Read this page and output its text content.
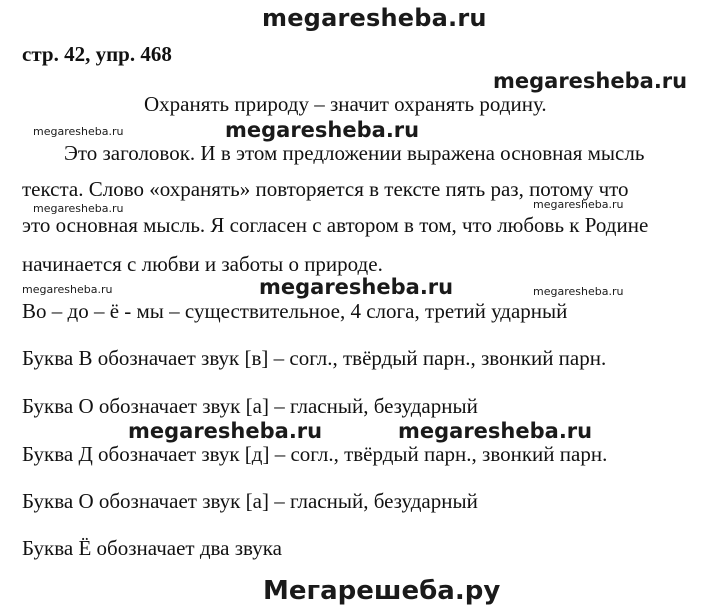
megaresheba.ru
стр. 42, упр. 468
megaresheba.ru
Охранять природу – значит охранять родину.
megaresheba.ru	megaresheba.ru
Это заголовок. И в этом предложении выражена основная мысль
текста. Слово «охранять» повторяется в тексте пять раз, потому что
megaresheba.ru	megaresheba.ru
это основная мысль. Я согласен с автором в том, что любовь к Родине
начинается с любви и заботы о природе.
megaresheba.ru	megaresheba.ru	megaresheba.ru
Во – до – ё - мы – существительное, 4 слога, третий ударный
Буква В обозначает звук [в] – согл., твёрдый парн., звонкий парн.
Буква О обозначает звук [а] – гласный, безударный
megaresheba.ru	megaresheba.ru
Буква Д обозначает звук [д] – согл., твёрдый парн., звонкий парн.
Буква О обозначает звук [а] – гласный, безударный
Буква Ё обозначает два звука
Мегарешеба.ру
